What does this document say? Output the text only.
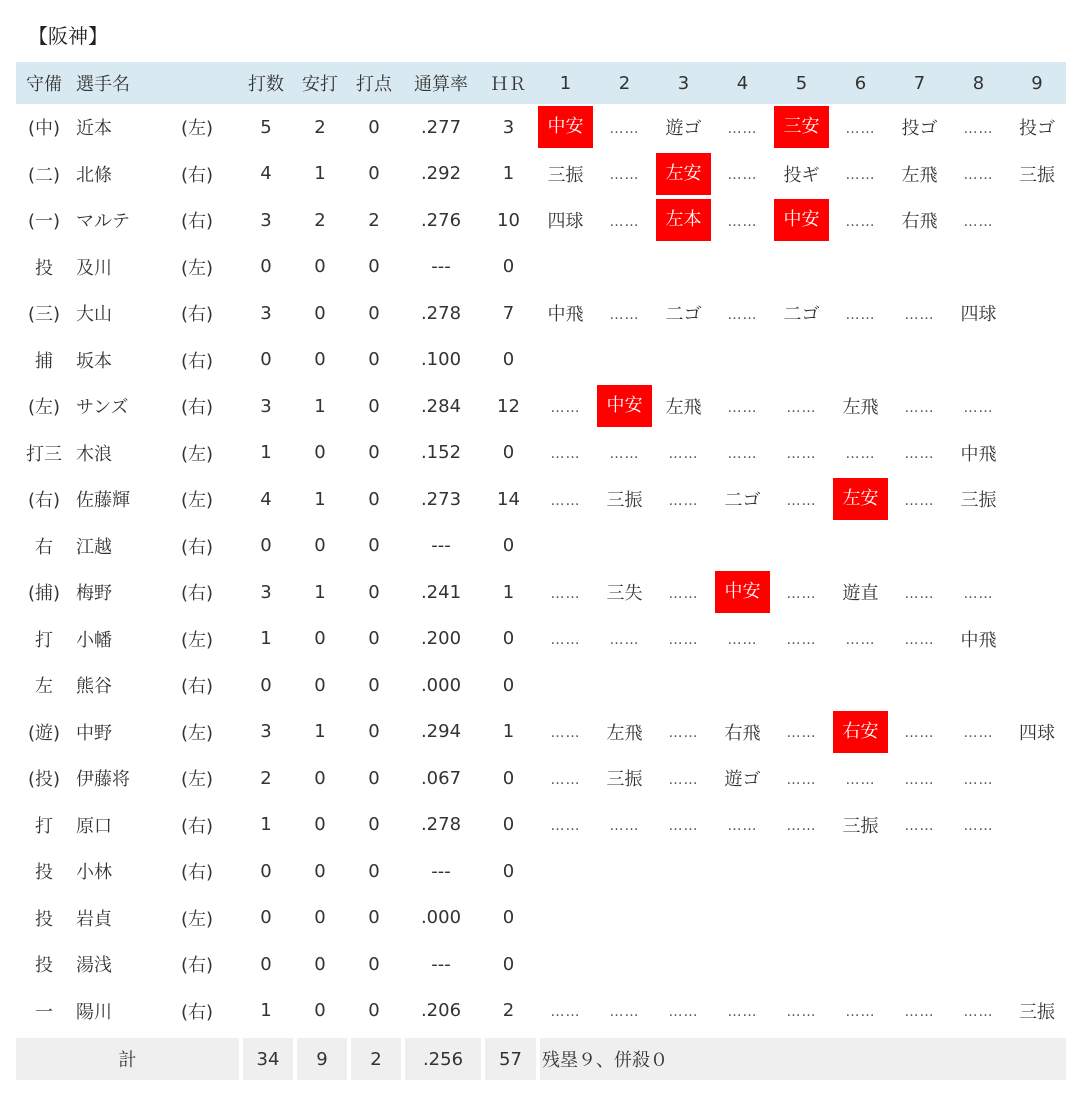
【阪神】
守備	選手名		打数	安打	打点	通算率	ＨＲ	1	2	3	4	5	6	7	8	9
(中)	近本	(左)	5	2	0	.277	3	中安	……	遊ゴ	……	三安	……	投ゴ	……	投ゴ
(二)	北條	(右)	4	1	0	.292	1	三振	……	左安	……	投ギ	……	左飛	……	三振
(一)	マルテ	(右)	3	2	2	.276	10	四球	……	左本	……	中安	……	右飛	……	
投	及川	(左)	0	0	0	---	0									
(三)	大山	(右)	3	0	0	.278	7	中飛	……	二ゴ	……	二ゴ	……	……	四球	
捕	坂本	(右)	0	0	0	.100	0									
(左)	サンズ	(右)	3	1	0	.284	12	……	中安	左飛	……	……	左飛	……	……	
打三	木浪	(左)	1	0	0	.152	0	……	……	……	……	……	……	……	中飛	
(右)	佐藤輝	(左)	4	1	0	.273	14	……	三振	……	二ゴ	……	左安	……	三振	
右	江越	(右)	0	0	0	---	0									
(捕)	梅野	(右)	3	1	0	.241	1	……	三失	……	中安	……	遊直	……	……	
打	小幡	(左)	1	0	0	.200	0	……	……	……	……	……	……	……	中飛	
左	熊谷	(右)	0	0	0	.000	0									
(遊)	中野	(左)	3	1	0	.294	1	……	左飛	……	右飛	……	右安	……	……	四球
(投)	伊藤将	(左)	2	0	0	.067	0	……	三振	……	遊ゴ	……	……	……	……	
打	原口	(右)	1	0	0	.278	0	……	……	……	……	……	三振	……	……	
投	小林	(右)	0	0	0	---	0									
投	岩貞	(左)	0	0	0	.000	0									
投	湯浅	(右)	0	0	0	---	0									
一	陽川	(右)	1	0	0	.206	2	……	……	……	……	……	……	……	……	三振
計			34	9	2	.256	57	残塁９、併殺０								
